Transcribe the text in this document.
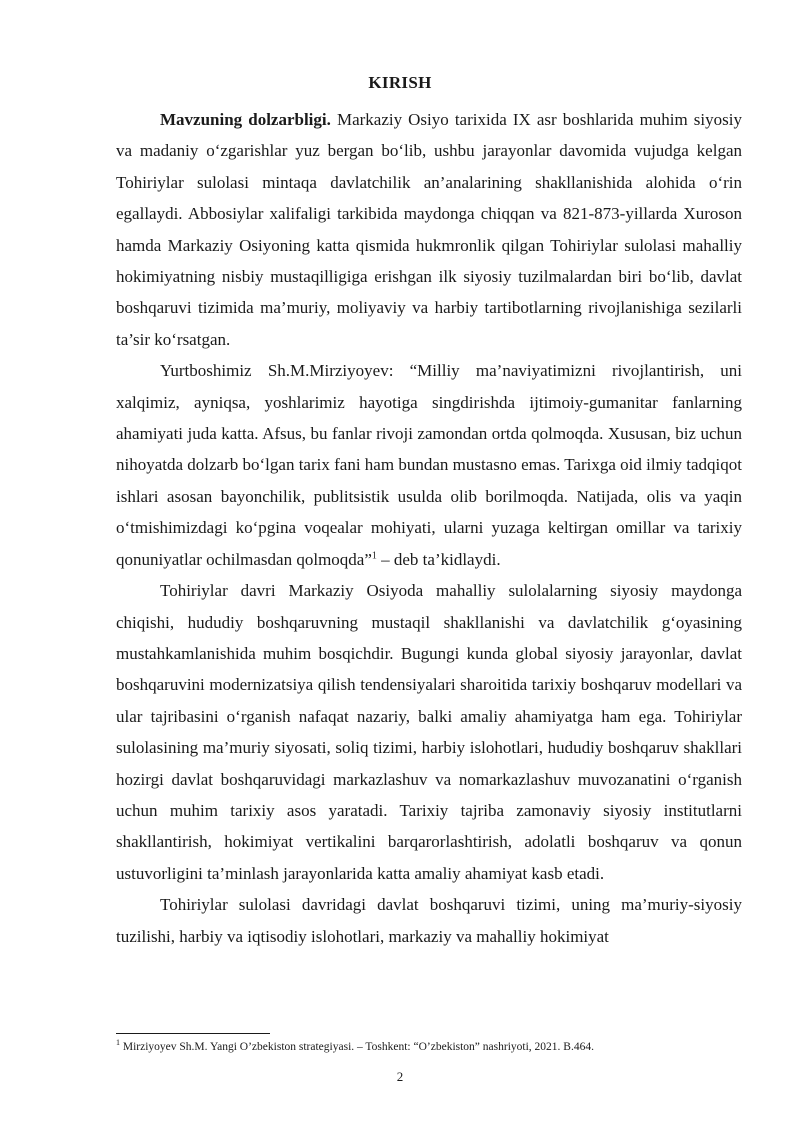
KIRISH

Mavzuning dolzarbligi. Markaziy Osiyo tarixida IX asr boshlarida muhim siyosiy va madaniy o‘zgarishlar yuz bergan bo‘lib, ushbu jarayonlar davomida vujudga kelgan Tohiriylar sulolasi mintaqa davlatchilik an’analarining shakllanishida alohida o‘rin egallaydi. Abbosiylar xalifaligi tarkibida maydonga chiqqan va 821-873-yillarda Xuroson hamda Markaziy Osiyoning katta qismida hukmronlik qilgan Tohiriylar sulolasi mahalliy hokimiyatning nisbiy mustaqilligiga erishgan ilk siyosiy tuzilmalardan biri bo‘lib, davlat boshqaruvi tizimida ma’muriy, moliyaviy va harbiy tartibotlarning rivojlanishiga sezilarli ta’sir ko‘rsatgan.

Yurtboshimiz Sh.M.Mirziyoyev: “Milliy ma’naviyatimizni rivojlantirish, uni xalqimiz, ayniqsa, yoshlarimiz hayotiga singdirishda ijtimoiy-gumanitar fanlarning ahamiyati juda katta. Afsus, bu fanlar rivoji zamondan ortda qolmoqda. Xususan, biz uchun nihoyatda dolzarb bo‘lgan tarix fani ham bundan mustasno emas. Tarixga oid ilmiy tadqiqot ishlari asosan bayonchilik, publitsistik usulda olib borilmoqda. Natijada, olis va yaqin o‘tmishimizdagi ko‘pgina voqealar mohiyati, ularni yuzaga keltirgan omillar va tarixiy qonuniyatlar ochilmasdan qolmoqda”$^1$ – deb ta’kidlaydi.

Tohiriylar davri Markaziy Osiyoda mahalliy sulolalarning siyosiy maydonga chiqishi, hududiy boshqaruvning mustaqil shakllanishi va davlatchilik g‘oyasining mustahkamlanishida muhim bosqichdir. Bugungi kunda global siyosiy jarayonlar, davlat boshqaruvini modernizatsiya qilish tendensiyalari sharoitida tarixiy boshqaruv modellari va ular tajribasini o‘rganish nafaqat nazariy, balki amaliy ahamiyatga ham ega. Tohiriylar sulolasining ma’muriy siyosati, soliq tizimi, harbiy islohotlari, hududiy boshqaruv shakllari hozirgi davlat boshqaruvidagi markazlashuv va nomarkazlashuv muvozanatini o‘rganish uchun muhim tarixiy asos yaratadi. Tarixiy tajriba zamonaviy siyosiy institutlarni shakllantirish, hokimiyat vertikalini barqarorlashtirish, adolatli boshqaruv va qonun ustuvorligini ta’minlash jarayonlarida katta amaliy ahamiyat kasb etadi.

Tohiriylar sulolasi davridagi davlat boshqaruvi tizimi, uning ma’muriy-siyosiy tuzilishi, harbiy va iqtisodiy islohotlari, markaziy va mahalliy hokimiyat

$^1$ Mirziyoyev Sh.M. Yangi O’zbekiston strategiyasi. – Toshkent: “O’zbekiston” nashriyoti, 2021. B.464.
2
